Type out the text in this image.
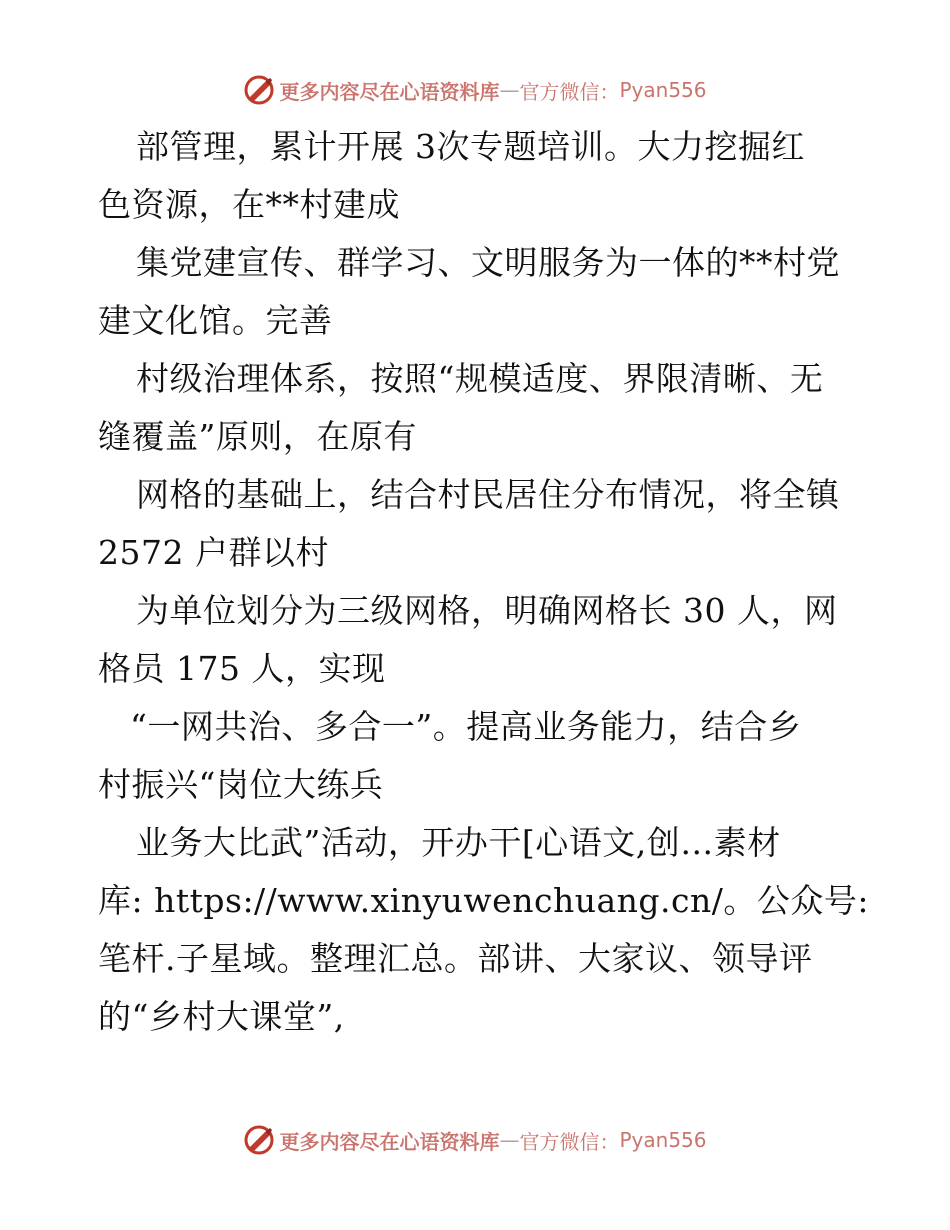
更多内容尽在心语资料库 — 官方微信： Pyan556
部管理，累计开展 3次专题培训。大力挖掘红
色资源，在**村建成
集党建宣传、群学习、文明服务为一体的**村党
建文化馆。完善
村级治理体系，按照“规模适度、界限清晰、无
缝覆盖”原则，在原有
网格的基础上，结合村民居住分布情况，将全镇
2572 户群以村
为单位划分为三级网格，明确网格长 30 人，网
格员 175 人，实现
“一网共治、多合一”。提高业务能力，结合乡
村振兴“岗位大练兵
业务大比武”活动，开办干[心语文,创…素材
库: https://www.xinyuwenchuang.cn/。公众号:
笔杆.子星域。整理汇总。部讲、大家议、领导评
的“乡村大课堂”,
更多内容尽在心语资料库 — 官方微信： Pyan556
